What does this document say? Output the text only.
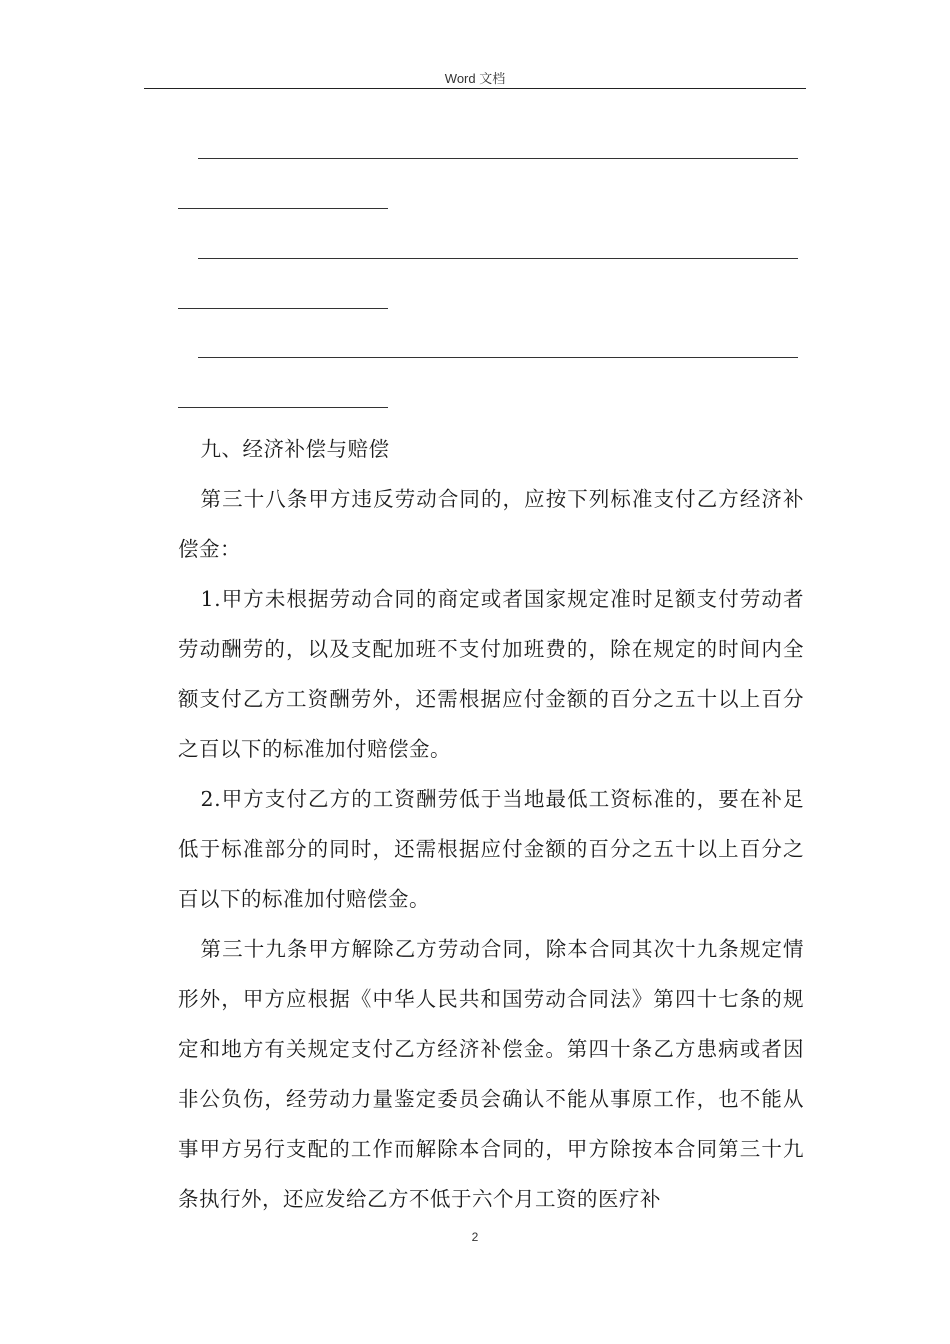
Word 文档

九、经济补偿与赔偿

第三十八条甲方违反劳动合同的，应按下列标准支付乙方经济补偿金：

1.甲方未根据劳动合同的商定或者国家规定准时足额支付劳动者劳动酬劳的，以及支配加班不支付加班费的，除在规定的时间内全额支付乙方工资酬劳外，还需根据应付金额的百分之五十以上百分之百以下的标准加付赔偿金。

2.甲方支付乙方的工资酬劳低于当地最低工资标准的，要在补足低于标准部分的同时，还需根据应付金额的百分之五十以上百分之百以下的标准加付赔偿金。

第三十九条甲方解除乙方劳动合同，除本合同其次十九条规定情形外，甲方应根据《中华人民共和国劳动合同法》第四十七条的规定和地方有关规定支付乙方经济补偿金。第四十条乙方患病或者因非公负伤，经劳动力量鉴定委员会确认不能从事原工作，也不能从事甲方另行支配的工作而解除本合同的，甲方除按本合同第三十九条执行外，还应发给乙方不低于六个月工资的医疗补

2
